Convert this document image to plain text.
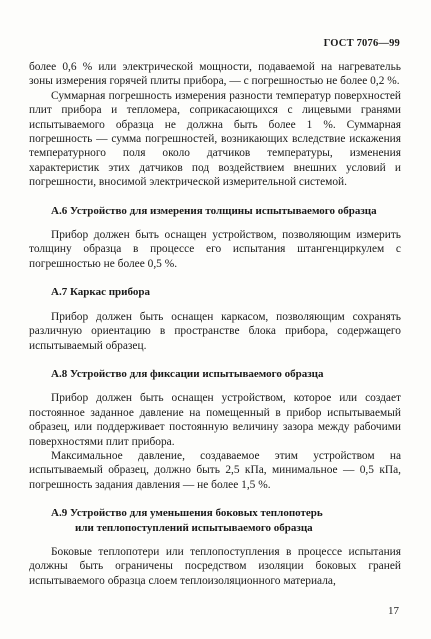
ГОСТ 7076—99

более 0,6 % или электрической мощности, подаваемой на нагревательь зоны измерения горячей плиты прибора, — с погрешностью не более 0,2 %.

Суммарная погрешность измерения разности температур поверхностей плит прибора и тепломера, соприкасающихся с лицевыми гранями испытываемого образца не должна быть более 1 %. Суммарная погрешность — сумма погрешностей, возникающих вследствие искажения температурного поля около датчиков температуры, изменения характеристик этих датчиков под воздействием внешних условий и погрешности, вносимой электрической измерительной системой.

А.6 Устройство для измерения толщины испытываемого образца

Прибор должен быть оснащен устройством, позволяющим измерить толщину образца в процессе его испытания штангенциркулем с погрешностью не более 0,5 %.

А.7 Каркас прибора

Прибор должен быть оснащен каркасом, позволяющим сохранять различную ориентацию в пространстве блока прибора, содержащего испытываемый образец.

А.8 Устройство для фиксации испытываемого образца

Прибор должен быть оснащен устройством, которое или создает постоянное заданное давление на помещенный в прибор испытываемый образец, или поддерживает постоянную величину зазора между рабочими поверхностями плит прибора.

Максимальное давление, создаваемое этим устройством на испытываемый образец, должно быть 2,5 кПа, минимальное — 0,5 кПа, погрешность задания давления — не более 1,5 %.

А.9 Устройство для уменьшения боковых теплопотерь
или теплопоступлений испытываемого образца

Боковые теплопотери или теплопоступления в процессе испытания должны быть ограничены посредством изоляции боковых граней испытываемого образца слоем теплоизоляционного материала,

17
